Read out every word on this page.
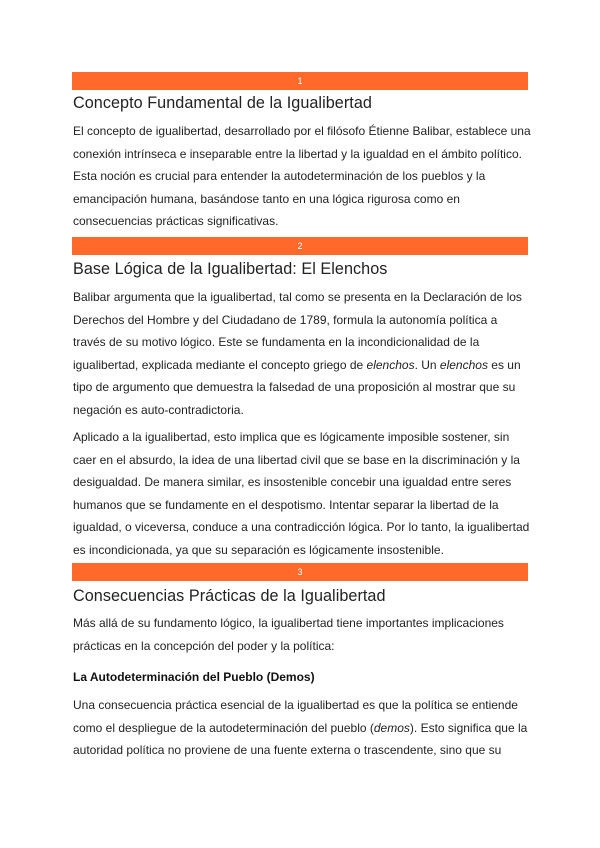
1
Concepto Fundamental de la Igualibertad

El concepto de igualibertad, desarrollado por el filósofo Étienne Balibar, establece una conexión intrínseca e inseparable entre la libertad y la igualdad en el ámbito político. Esta noción es crucial para entender la autodeterminación de los pueblos y la emancipación humana, basándose tanto en una lógica rigurosa como en consecuencias prácticas significativas.

2
Base Lógica de la Igualibertad: El Elenchos

Balibar argumenta que la igualibertad, tal como se presenta en la Declaración de los Derechos del Hombre y del Ciudadano de 1789, formula la autonomía política a través de su motivo lógico. Este se fundamenta en la incondicionalidad de la igualibertad, explicada mediante el concepto griego de elenchos. Un elenchos es un tipo de argumento que demuestra la falsedad de una proposición al mostrar que su negación es auto-contradictoria.

Aplicado a la igualibertad, esto implica que es lógicamente imposible sostener, sin caer en el absurdo, la idea de una libertad civil que se base en la discriminación y la desigualdad. De manera similar, es insostenible concebir una igualdad entre seres humanos que se fundamente en el despotismo. Intentar separar la libertad de la igualdad, o viceversa, conduce a una contradicción lógica. Por lo tanto, la igualibertad es incondicionada, ya que su separación es lógicamente insostenible.

3
Consecuencias Prácticas de la Igualibertad

Más allá de su fundamento lógico, la igualibertad tiene importantes implicaciones prácticas en la concepción del poder y la política:

La Autodeterminación del Pueblo (Demos)

Una consecuencia práctica esencial de la igualibertad es que la política se entiende como el despliegue de la autodeterminación del pueblo (demos). Esto significa que la autoridad política no proviene de una fuente externa o trascendente, sino que su
